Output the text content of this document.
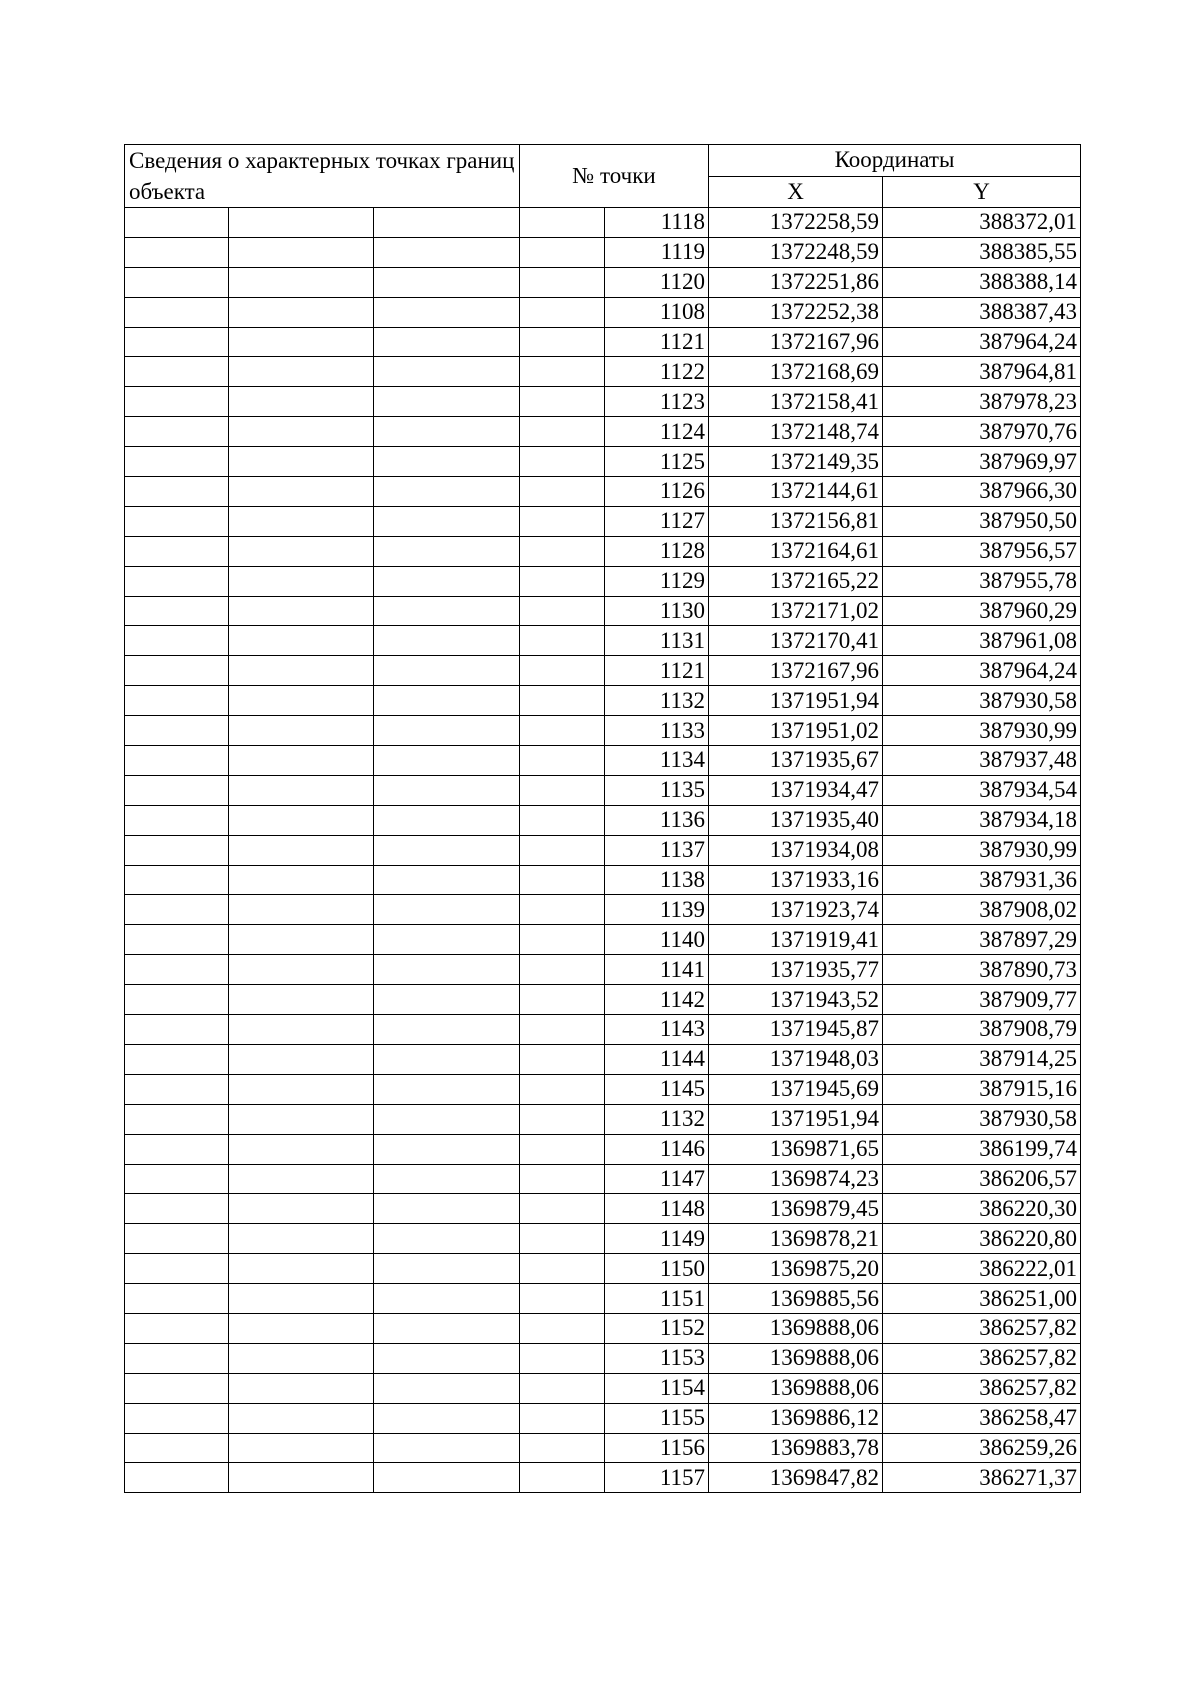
Сведения о характерных точках границ объекта			№ точки		Координаты	
					X	Y
				1118	1372258,59	388372,01
				1119	1372248,59	388385,55
				1120	1372251,86	388388,14
				1108	1372252,38	388387,43
				1121	1372167,96	387964,24
				1122	1372168,69	387964,81
				1123	1372158,41	387978,23
				1124	1372148,74	387970,76
				1125	1372149,35	387969,97
				1126	1372144,61	387966,30
				1127	1372156,81	387950,50
				1128	1372164,61	387956,57
				1129	1372165,22	387955,78
				1130	1372171,02	387960,29
				1131	1372170,41	387961,08
				1121	1372167,96	387964,24
				1132	1371951,94	387930,58
				1133	1371951,02	387930,99
				1134	1371935,67	387937,48
				1135	1371934,47	387934,54
				1136	1371935,40	387934,18
				1137	1371934,08	387930,99
				1138	1371933,16	387931,36
				1139	1371923,74	387908,02
				1140	1371919,41	387897,29
				1141	1371935,77	387890,73
				1142	1371943,52	387909,77
				1143	1371945,87	387908,79
				1144	1371948,03	387914,25
				1145	1371945,69	387915,16
				1132	1371951,94	387930,58
				1146	1369871,65	386199,74
				1147	1369874,23	386206,57
				1148	1369879,45	386220,30
				1149	1369878,21	386220,80
				1150	1369875,20	386222,01
				1151	1369885,56	386251,00
				1152	1369888,06	386257,82
				1153	1369888,06	386257,82
				1154	1369888,06	386257,82
				1155	1369886,12	386258,47
				1156	1369883,78	386259,26
				1157	1369847,82	386271,37
